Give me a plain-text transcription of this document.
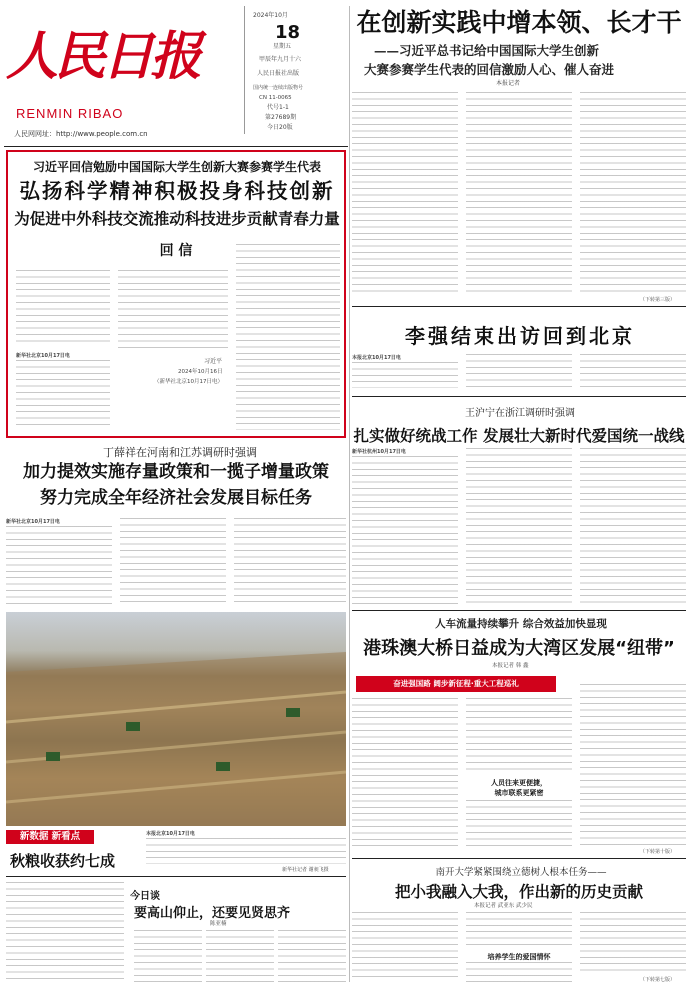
人民日报
RENMIN RIBAO
人民网网址：http://www.people.com.cn
2024年10月
18
星期五
甲辰年九月十六
人民日报社出版
国内统一连续出版物号
CN 11-0065
代号1-1
第27689期
今日20版
在创新实践中增本领、长才干
——习近平总书记给中国国际大学生创新
大赛参赛学生代表的回信激励人心、催人奋进
本报记者
（下转第三版）
习近平回信勉励中国国际大学生创新大赛参赛学生代表
弘扬科学精神积极投身科技创新
为促进中外科技交流推动科技进步贡献青春力量
回 信
新华社北京10月17日电
习近平
2024年10月16日
（新华社北京10月17日电）
李强结束出访回到北京
本报北京10月17日电
王沪宁在浙江调研时强调
扎实做好统战工作 发展壮大新时代爱国统一战线
新华社杭州10月17日电
丁薛祥在河南和江苏调研时强调
加力提效实施存量政策和一揽子增量政策
努力完成全年经济社会发展目标任务
新华社北京10月17日电
新数据 新看点
秋粮收获约七成
本报北京10月17日电
新华社记者 谢昶飞摄
今日谈
要高山仰止，还要见贤思齐
陈亚楠
人车流量持续攀升 综合效益加快显现
港珠澳大桥日益成为大湾区发展“纽带”
本报记者 韩 鑫
奋进强国路 阔步新征程·重大工程巡礼
人员往来更便捷，
城市联系更紧密
（下转第十版）
南开大学紧紧围绕立德树人根本任务——
把小我融入大我，作出新的历史贡献
本报记者 武亚东 武少民
培养学生的爱国情怀
（下转第七版）
